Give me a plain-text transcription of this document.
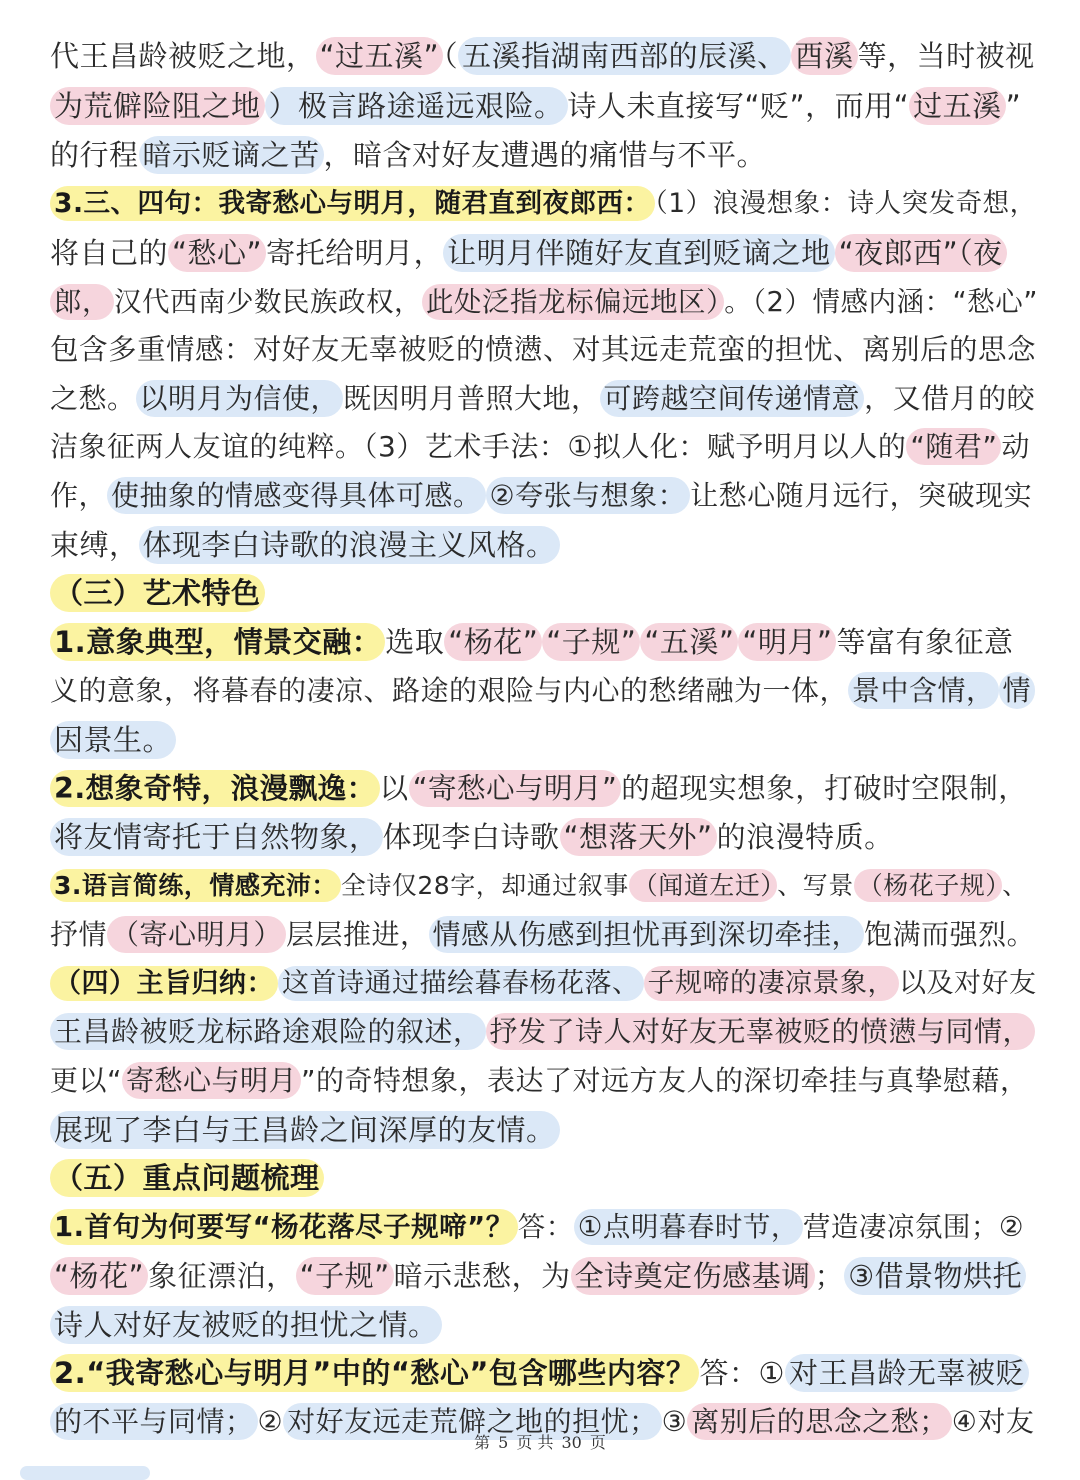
代王昌龄被贬之地， “过五溪” （ 五溪指湖南西部的辰溪、 酉溪 等，当时被视
为荒僻险阻之地 ）极言路途遥远艰险。 诗人未直接写“贬”，而用“ 过五溪 ”
的行程 暗示贬谪之苦 ，暗含对好友遭遇的痛惜与不平。
3.三、四句：我寄愁心与明月，随君直到夜郎西： （1）浪漫想象：诗人突发奇想，
将自己的 “愁心” 寄托给明月， 让明月伴随好友直到贬谪之地 “夜郎西”（夜
郎， 汉代西南少数民族政权， 此处泛指龙标偏远地区） 。（2）情感内涵：“愁心”
包含多重情感：对好友无辜被贬的愤懑、对其远走荒蛮的担忧、离别后的思念
之愁。 以明月为信使， 既因明月普照大地， 可跨越空间传递情意 ，又借月的皎
洁象征两人友谊的纯粹。（3）艺术手法：①拟人化：赋予明月以人的 “随君” 动
作， 使抽象的情感变得具体可感。 ②夸张与想象： 让愁心随月远行，突破现实
束缚， 体现李白诗歌的浪漫主义风格。
（三）艺术特色
1.意象典型，情景交融： 选取 “杨花” “子规” “五溪” “明月” 等富有象征意
义的意象，将暮春的凄凉、路途的艰险与内心的愁绪融为一体， 景中含情， 情
因景生。
2.想象奇特，浪漫飘逸： 以 “寄愁心与明月” 的超现实想象，打破时空限制，
将友情寄托于自然物象， 体现李白诗歌 “想落天外” 的浪漫特质。
3.语言简练，情感充沛： 全诗仅28字，却通过叙事 （闻道左迁） 、写景 （杨花子规） 、
抒情 （寄心明月） 层层推进， 情感从伤感到担忧再到深切牵挂， 饱满而强烈。
（四）主旨归纳： 这首诗通过描绘暮春杨花落、 子规啼的凄凉景象， 以及对好友
王昌龄被贬龙标路途艰险的叙述， 抒发了诗人对好友无辜被贬的愤懑与同情，
更以“ 寄愁心与明月 ”的奇特想象，表达了对远方友人的深切牵挂与真挚慰藉，
展现了李白与王昌龄之间深厚的友情。
（五）重点问题梳理
1.首句为何要写“杨花落尽子规啼”？ 答： ①点明暮春时节， 营造凄凉氛围；②
“杨花” 象征漂泊， “子规” 暗示悲愁，为 全诗奠定伤感基调 ； ③借景物烘托
诗人对好友被贬的担忧之情。
2.“我寄愁心与明月”中的“愁心”包含哪些内容？ 答：① 对王昌龄无辜被贬
的不平与同情； ② 对好友远走荒僻之地的担忧； ③ 离别后的思念之愁； ④对友
第 5 页 共 30 页
